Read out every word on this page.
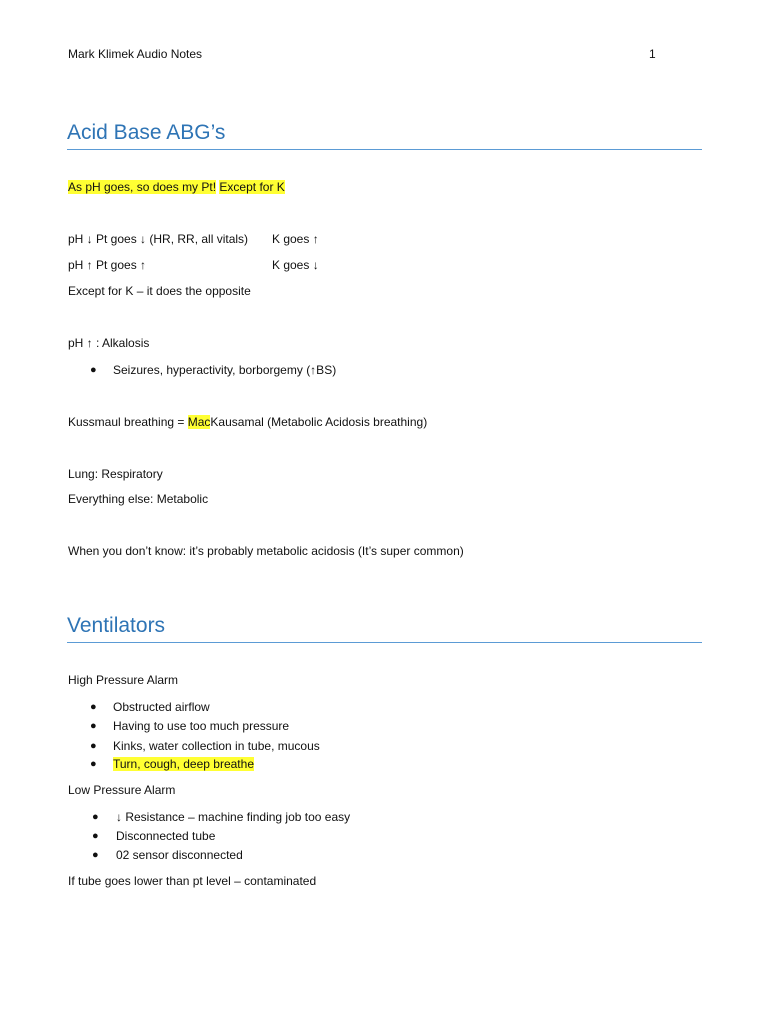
Mark Klimek Audio Notes	1
Acid Base ABG’s
As pH goes, so does my Pt! Except for K
pH ↓ Pt goes ↓ (HR, RR, all vitals) K goes ↑
pH ↑ Pt goes ↑	K goes ↓
Except for K – it does the opposite
pH ↑ : Alkalosis
● Seizures, hyperactivity, borborgemy (↑BS)
Kussmaul breathing = MacKausamal (Metabolic Acidosis breathing)
Lung: Respiratory
Everything else: Metabolic
When you don’t know: it’s probably metabolic acidosis (It’s super common)
Ventilators
High Pressure Alarm
● Obstructed airflow
● Having to use too much pressure
● Kinks, water collection in tube, mucous
● Turn, cough, deep breathe
Low Pressure Alarm
● ↓ Resistance – machine finding job too easy
● Disconnected tube
● 02 sensor disconnected
If tube goes lower than pt level – contaminated
